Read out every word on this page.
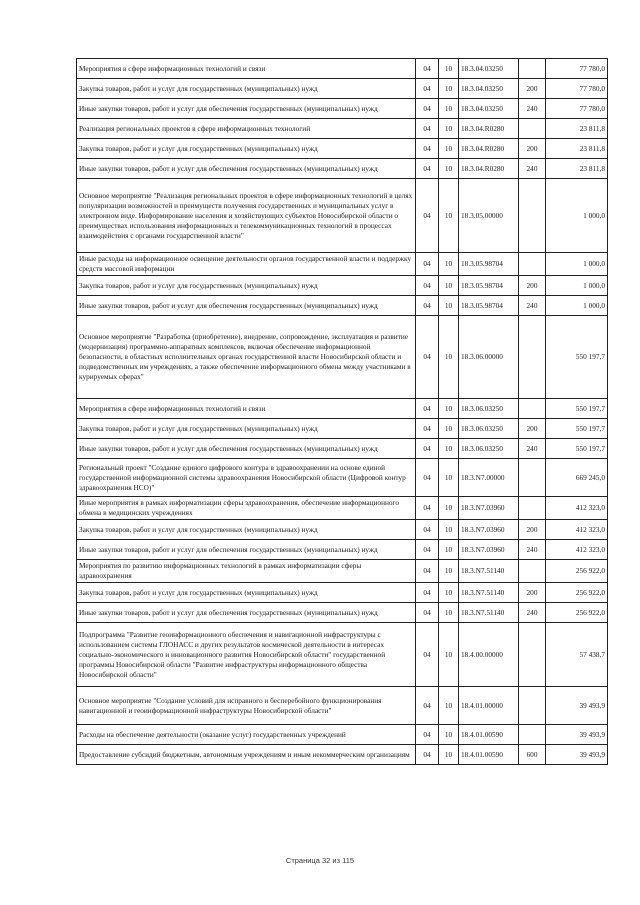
Мероприятия в сфере информационных технологий и связи	04	10	18.3.04.03250		77 780,0
Закупка товаров, работ и услуг для государственных (муниципальных) нужд	04	10	18.3.04.03250	200	77 780,0
Иные закупки товаров, работ и услуг для обеспечения государственных (муниципальных) нужд	04	10	18.3.04.03250	240	77 780,0
Реализация региональных проектов в сфере информационных технологий	04	10	18.3.04.R0280		23 811,8
Закупка товаров, работ и услуг для государственных (муниципальных) нужд	04	10	18.3.04.R0280	200	23 811,8
Иные закупки товаров, работ и услуг для обеспечения государственных (муниципальных) нужд	04	10	18.3.04.R0280	240	23 811,8
Основное мероприятие "Реализация региональных проектов в сфере информационных технологий в целях популяризации возможностей и преимуществ получения государственных и муниципальных услуг в электронном виде. Информирование населения и хозяйствующих субъектов Новосибирской области о преимуществах использования информационных и телекоммуникационных технологий в процессах взаимодействия с органами государственной власти"	04	10	18.3.05.00000		1 000,0
Иные расходы на информационное освещение деятельности органов государственной власти и поддержку средств массовой информации	04	10	18.3.05.98704		1 000,0
Закупка товаров, работ и услуг для государственных (муниципальных) нужд	04	10	18.3.05.98704	200	1 000,0
Иные закупки товаров, работ и услуг для обеспечения государственных (муниципальных) нужд	04	10	18.3.05.98704	240	1 000,0
Основное мероприятие "Разработка (приобретение), внедрение, сопровождение, эксплуатация и развитие (модернизация) программно-аппаратных комплексов, включая обеспечение информационной безопасности, в областных исполнительных органах государственной власти Новосибирской области и подведомственных им учреждениях, а также обеспечение информационного обмена между участниками в курируемых сферах"	04	10	18.3.06.00000		550 197,7
Мероприятия в сфере информационных технологий и связи	04	10	18.3.06.03250		550 197,7
Закупка товаров, работ и услуг для государственных (муниципальных) нужд	04	10	18.3.06.03250	200	550 197,7
Иные закупки товаров, работ и услуг для обеспечения государственных (муниципальных) нужд	04	10	18.3.06.03250	240	550 197,7
Региональный проект "Создание единого цифрового контура в здравоохранении на основе единой государственной информационной системы здравоохранения Новосибирской области (Цифровой контур здравоохранения НСО)"	04	10	18.3.N7.00000		669 245,0
Иные мероприятия в рамках информатизации сферы здравоохранения, обеспечение информационного обмена в медицинских учреждениях	04	10	18.3.N7.03960		412 323,0
Закупка товаров, работ и услуг для государственных (муниципальных) нужд	04	10	18.3.N7.03960	200	412 323,0
Иные закупки товаров, работ и услуг для обеспечения государственных (муниципальных) нужд	04	10	18.3.N7.03960	240	412 323,0
Мероприятия по развитию информационных технологий в рамках информатизации сферы здравоохранения	04	10	18.3.N7.51140		256 922,0
Закупка товаров, работ и услуг для государственных (муниципальных) нужд	04	10	18.3.N7.51140	200	256 922,0
Иные закупки товаров, работ и услуг для обеспечения государственных (муниципальных) нужд	04	10	18.3.N7.51140	240	256 922,0
Подпрограмма "Развитие геоинформационного обеспечения и навигационной инфраструктуры с использованием системы ГЛОНАСС и других результатов космической деятельности в интересах социально-экономического и инновационного развития Новосибирской области" государственной программы Новосибирской области "Развитие инфраструктуры информационного общества Новосибирской области"	04	10	18.4.00.00000		57 438,7
Основное мероприятие "Создание условий для исправного и бесперебойного функционирования навигационной и геоинформационной инфраструктуры Новосибирской области"	04	10	18.4.01.00000		39 493,9
Расходы на обеспечение деятельности (оказание услуг) государственных учреждений	04	10	18.4.01.00590		39 493,9
Предоставление субсидий бюджетным, автономным учреждениям и иным некоммерческим организациям	04	10	18.4.01.00590	600	39 493,9
Страница 32 из 115
